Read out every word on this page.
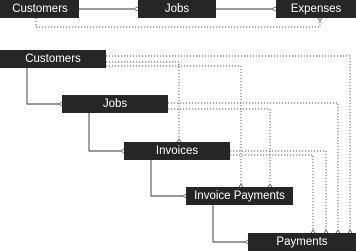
Customers	Jobs	Expenses
Customers
Jobs
Invoices
Invoice Payments
Payments
